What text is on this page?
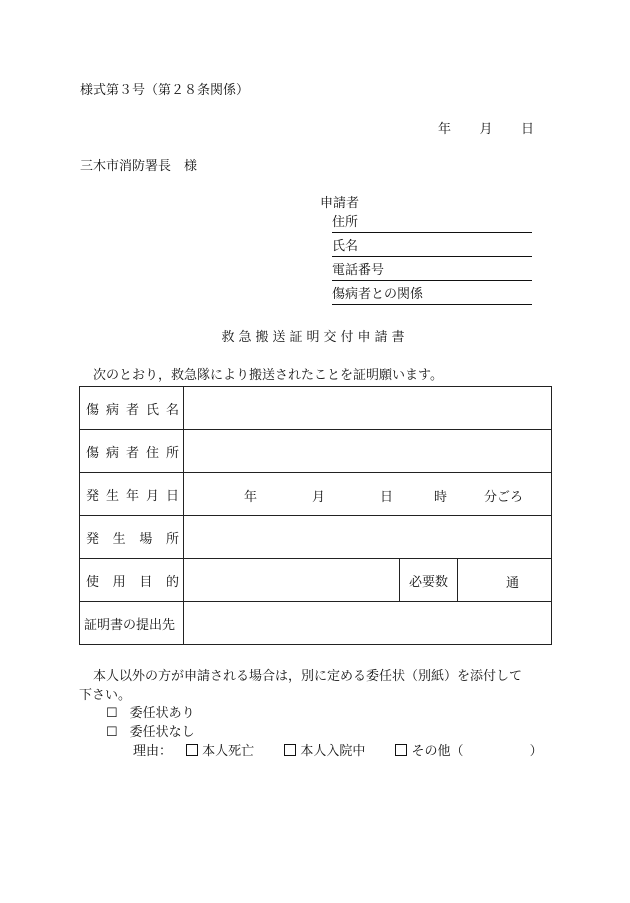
様式第３号（第２８条関係）
年 月 日
三木市消防署長　様
申請者
住所
氏名
電話番号
傷病者との関係
救急搬送証明交付申請書
次のとおり，救急隊により搬送されたことを証明願います。
傷 病 者 氏 名			

傷 病 者 住 所			

発 生 年 月 日	年 月 日 時 分ごろ		

発 生 場 所			

使 用 目 的		必要数	通

証明書の提出先			
本人以外の方が申請される場合は，別に定める委任状（別紙）を添付して
下さい。
☐ 委任状あり
☐ 委任状なし
理由： 本人死亡	本人入院中	その他（	）
